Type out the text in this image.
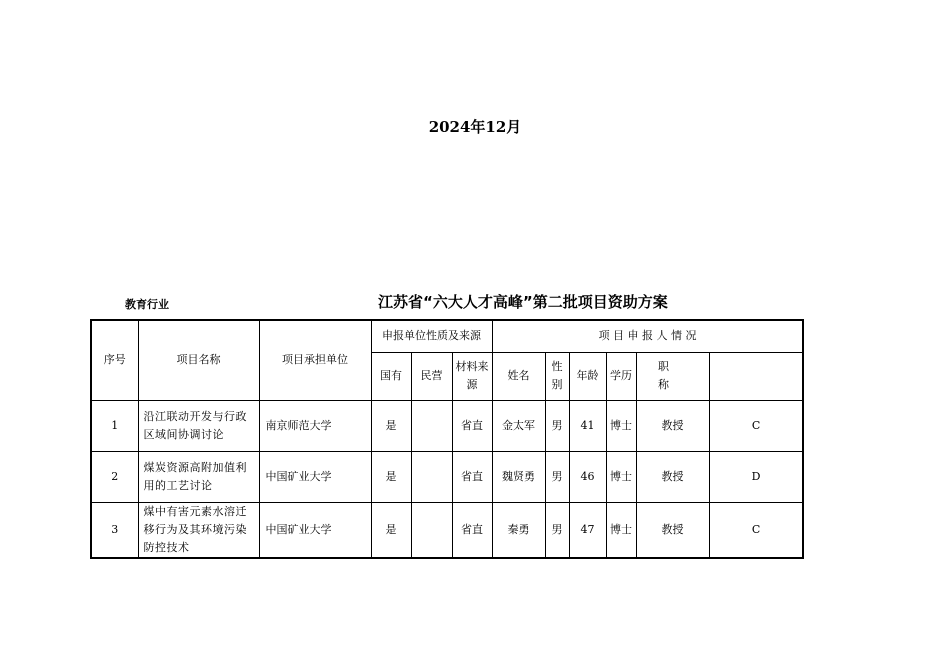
2024年12月
教育行业	江苏省“六大人才高峰”第二批项目资助方案
序号	项目名称	项目承担单位	申报单位性质及来源			项 目 申 报 人 情 况	
			国有	民营	材料来源	姓名	性别	年龄	学历	职 称		
1	沿江联动开发与行政区域间协调讨论	南京师范大学	是		省直	金太军	男	41	博士	教授	C	
2	煤炭资源高附加值利用的工艺讨论	中国矿业大学	是		省直	魏贤勇	男	46	博士	教授	D	
3	煤中有害元素水溶迁移行为及其环境污染防控技术	中国矿业大学	是		省直	秦勇	男	47	博士	教授	C	
